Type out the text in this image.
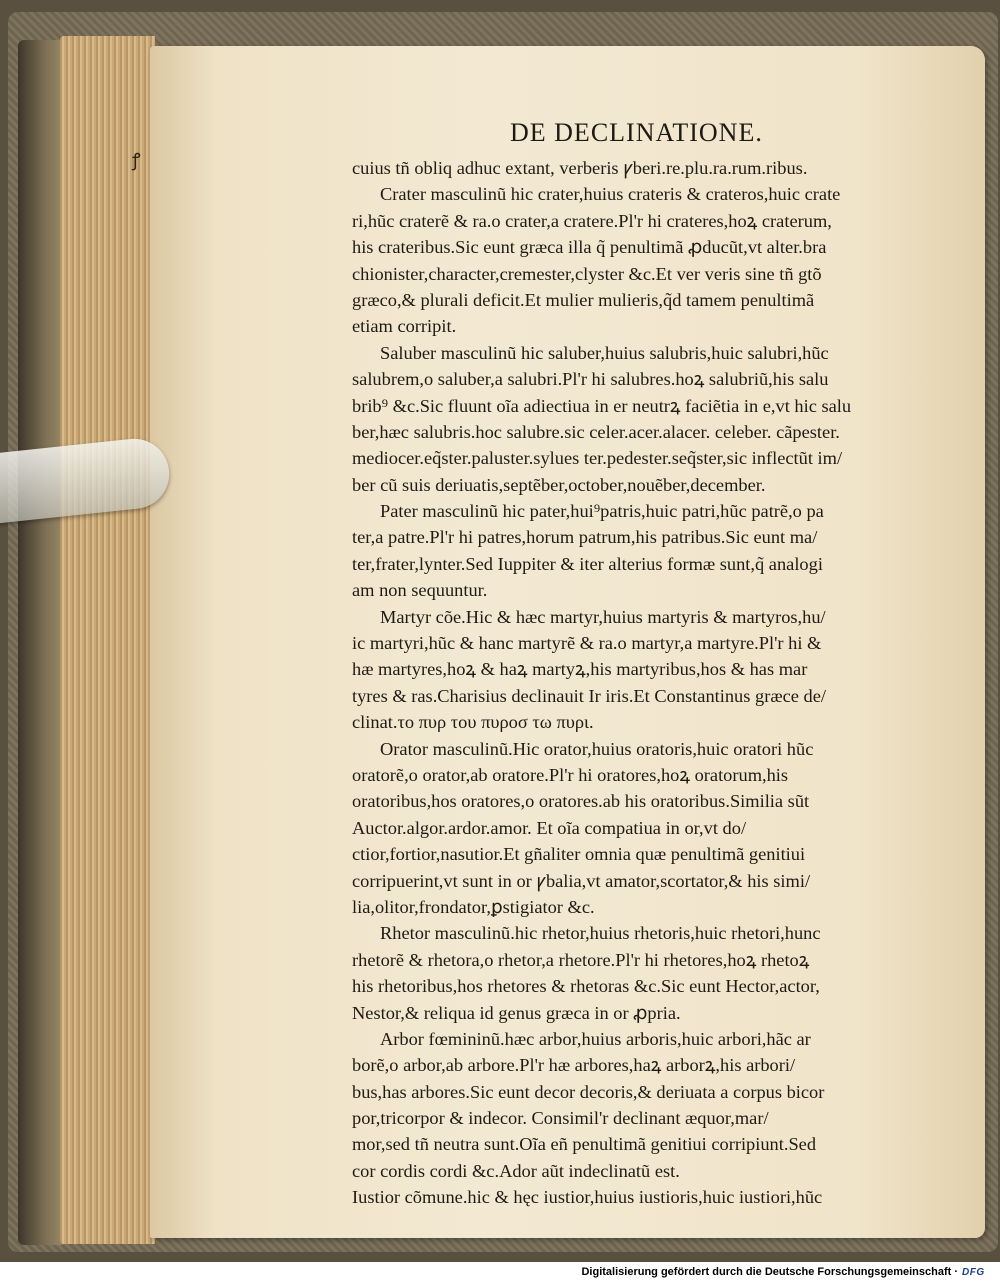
ꝭ
DE DECLINATIONE.
cuius tñ obliq adhuc extant, verberis ꝩberi.re.plu.ra.rum.ribus.
Crater masculinũ hic crater,huius crateris & crateros,huic crate
ri,hũc craterẽ & ra.o crater,a cratere.Pl'r hi crateres,hoꝝ craterum,
his crateribus.Sic eunt græca illa q̃ penultimã ꝓducũt,vt alter.bra
chionister,character,cremester,clyster &c.Et ver veris sine tñ gtõ
græco,& plurali deficit.Et mulier mulieris,q̃d tamem penultimã
etiam corripit.
Saluber masculinũ hic saluber,huius salubris,huic salubri,hũc
salubrem,o saluber,a salubri.Pl'r hi salubres.hoꝝ salubriũ,his salu
brib⁹ &c.Sic fluunt oĩa adiectiua in er neutrꝝ faciẽtia in e,vt hic salu
ber,hæc salubris.hoc salubre.sic celer.acer.alacer. celeber. cãpester.
mediocer.eq̃ster.paluster.sylues ter.pedester.seq̃ster,sic inflectũt im/
ber cũ suis deriuatis,septẽber,october,nouẽber,december.
Pater masculinũ hic pater,hui⁹patris,huic patri,hũc patrẽ,o pa
ter,a patre.Pl'r hi patres,horum patrum,his patribus.Sic eunt ma/
ter,frater,lynter.Sed Iuppiter & iter alterius formæ sunt,q̃ analogi
am non sequuntur.
Martyr cõe.Hic & hæc martyr,huius martyris & martyros,hu/
ic martyri,hũc & hanc martyrẽ & ra.o martyr,a martyre.Pl'r hi &
hæ martyres,hoꝝ & haꝝ martyꝝ,his martyribus,hos & has mar
tyres & ras.Charisius declinauit Ir iris.Et Constantinus græce de/
clinat.το πυρ του πυροσ τω πυρι.
Orator masculinũ.Hic orator,huius oratoris,huic oratori hũc
oratorẽ,o orator,ab oratore.Pl'r hi oratores,hoꝝ oratorum,his
oratoribus,hos oratores,o oratores.ab his oratoribus.Similia sũt
Auctor.algor.ardor.amor. Et oĩa compatiua in or,vt do/
ctior,fortior,nasutior.Et gñaliter omnia quæ penultimã genitiui
corripuerint,vt sunt in or ꝩbalia,vt amator,scortator,& his simi/
lia,olitor,frondator,ꝑstigiator &c.
Rhetor masculinũ.hic rhetor,huius rhetoris,huic rhetori,hunc
rhetorẽ & rhetora,o rhetor,a rhetore.Pl'r hi rhetores,hoꝝ rhetoꝝ
his rhetoribus,hos rhetores & rhetoras &c.Sic eunt Hector,actor,
Nestor,& reliqua id genus græca in or ꝓpria.
Arbor fœmininũ.hæc arbor,huius arboris,huic arbori,hãc ar
borẽ,o arbor,ab arbore.Pl'r hæ arbores,haꝝ arborꝝ,his arbori/
bus,has arbores.Sic eunt decor decoris,& deriuata a corpus bicor
por,tricorpor & indecor. Consimil'r declinant æquor,mar/
mor,sed tñ neutra sunt.Oĩa eñ penultimã genitiui corripiunt.Sed
cor cordis cordi &c.Ador aũt indeclinatũ est.
Iustior cõmune.hic & hęc iustior,huius iustioris,huic iustiori,hũc
Digitalisierung gefördert durch die Deutsche Forschungsgemeinschaft · DFG
